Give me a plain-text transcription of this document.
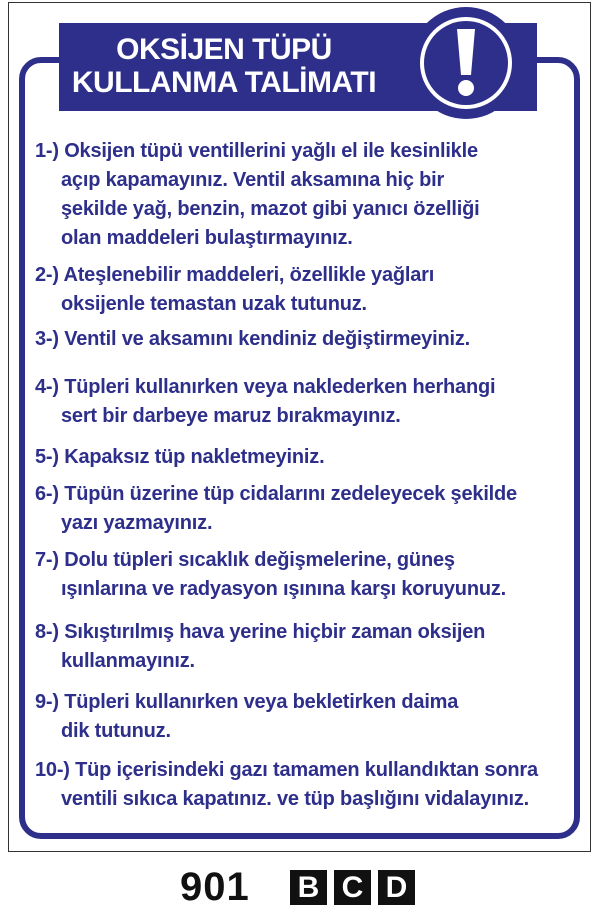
OKSİJEN TÜPÜ
KULLANMA TALİMATI
1-) Oksijen tüpü ventillerini yağlı el ile kesinlikle
açıp kapamayınız. Ventil aksamına hiç bir
şekilde yağ, benzin, mazot gibi yanıcı özelliği
olan maddeleri bulaştırmayınız.
2-) Ateşlenebilir maddeleri, özellikle yağları
oksijenle temastan uzak tutunuz.
3-) Ventil ve aksamını kendiniz değiştirmeyiniz.
4-) Tüpleri kullanırken veya naklederken herhangi
sert bir darbeye maruz bırakmayınız.
5-) Kapaksız tüp nakletmeyiniz.
6-) Tüpün üzerine tüp cidalarını zedeleyecek şekilde
yazı yazmayınız.
7-) Dolu tüpleri sıcaklık değişmelerine, güneş
ışınlarına ve radyasyon ışınına karşı koruyunuz.
8-) Sıkıştırılmış hava yerine hiçbir zaman oksijen
kullanmayınız.
9-) Tüpleri kullanırken veya bekletirken daima
dik tutunuz.
10-) Tüp içerisindeki gazı tamamen kullandıktan sonra
ventili sıkıca kapatınız. ve tüp başlığını vidalayınız.
901 B C D
